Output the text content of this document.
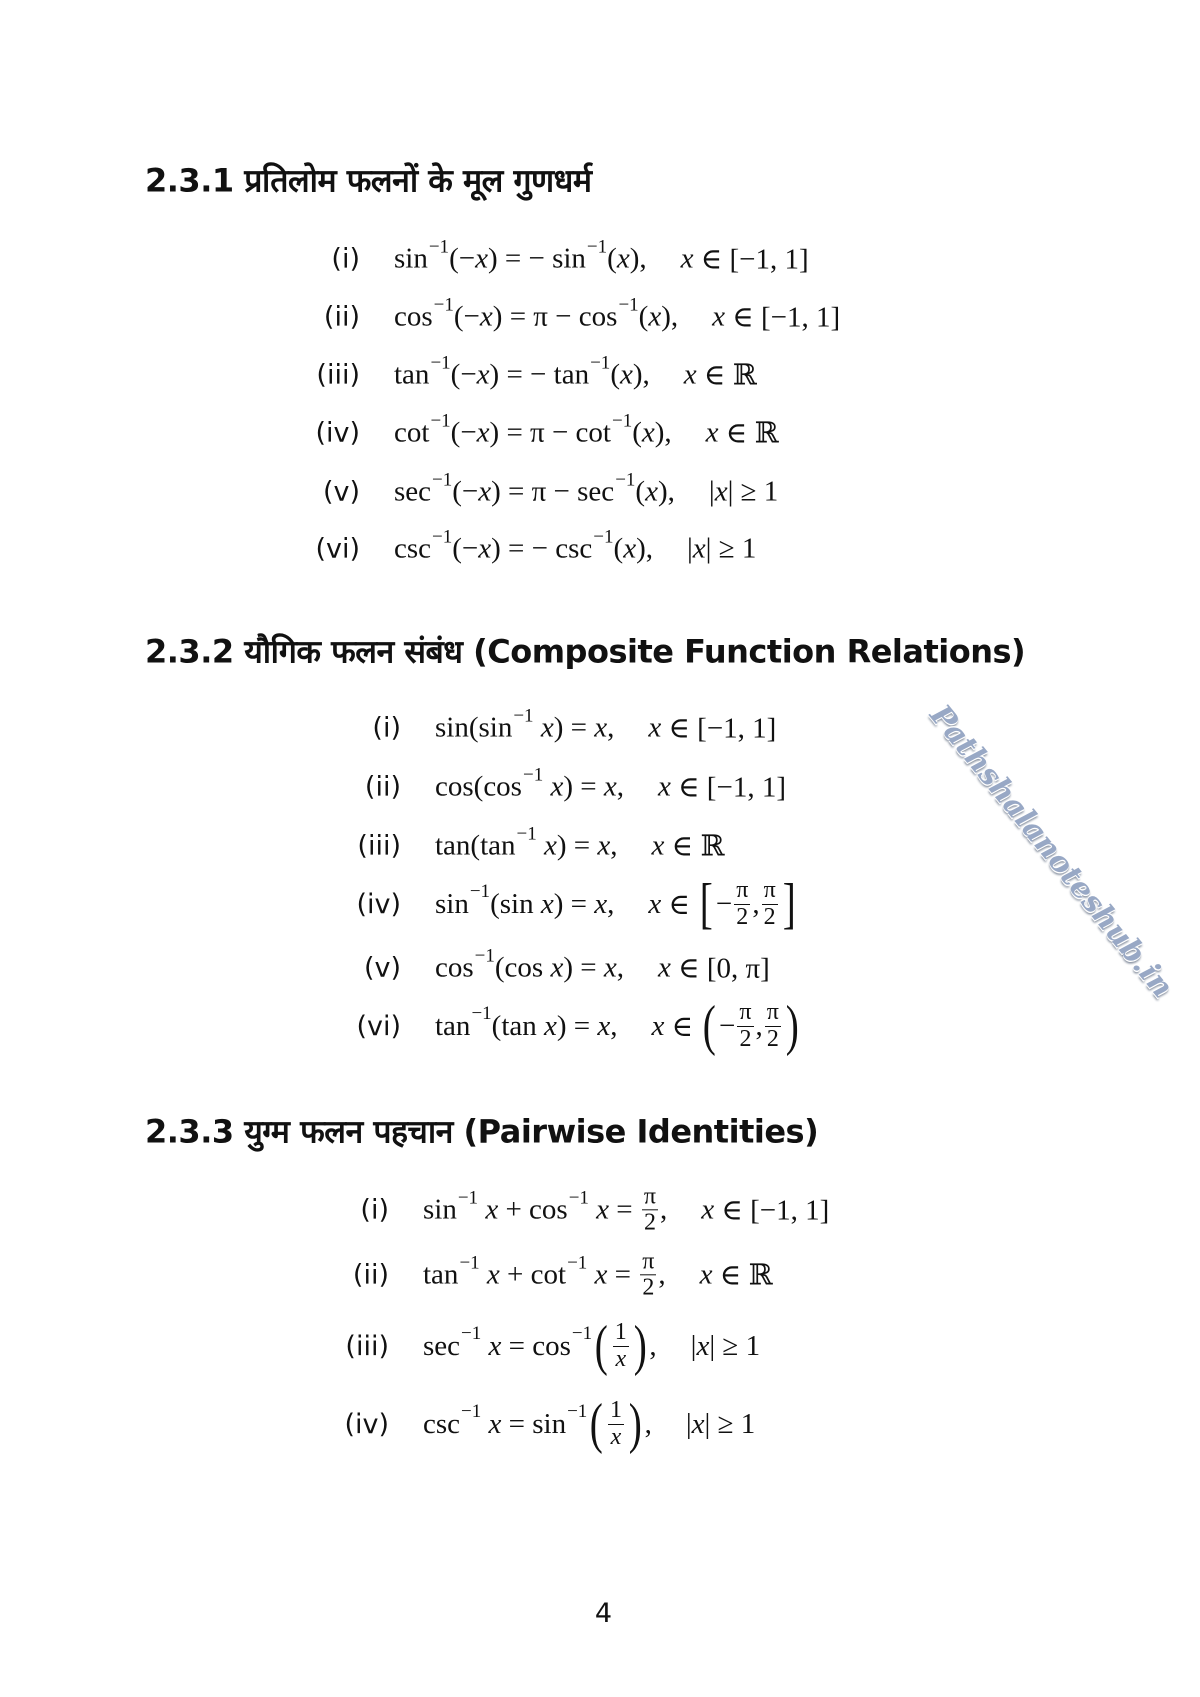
2.3.1 प्रतिलोम फलनों के मूल गुणधर्म
(i) sin −1 (− x ) = − sin −1 ( x ), x ∈ [−1, 1]
(ii) cos −1 (− x ) = π − cos −1 ( x ), x ∈ [−1, 1]
(iii) tan −1 (− x ) = − tan −1 ( x ), x ∈ ℝ
(iv) cot −1 (− x ) = π − cot −1 ( x ), x ∈ ℝ
(v) sec −1 (− x ) = π − sec −1 ( x ), | x | ≥ 1
(vi) csc −1 (− x ) = − csc −1 ( x ), | x | ≥ 1
2.3.2 यौगिक फलन संबंध (Composite Function Relations)
(i) sin(sin −1
x ) = x , x ∈ [−1, 1]
(ii) cos(cos −1
x ) = x , x ∈ [−1, 1]
(iii) tan(tan −1
x ) = x , x ∈ ℝ
(iv) sin −1 (sin x ) = x , x ∈ [ − $\frac{\pi}{2}$ , $\frac{\pi}{2}$ ]
(v) cos −1 (cos x ) = x , x ∈ [0, π]
(vi) tan −1 (tan x ) = x , x ∈ ( − $\frac{\pi}{2}$ , $\frac{\pi}{2}$ )
2.3.3 युग्म फलन पहचान (Pairwise Identities)
(i) sin −1
x + cos −1
$x = \frac{\pi}{2}$ , x ∈ [−1, 1]
(ii) tan −1
x + cot −1
$x = \frac{\pi}{2}$ , x ∈ ℝ
(iii) sec −1
x = cos −1 ( $\frac{1}{x}$ ) , | x | ≥ 1
(iv) csc −1
x = sin −1 ( $\frac{1}{x}$ ) , | x | ≥ 1
Pathshalanoteshub.in
4
